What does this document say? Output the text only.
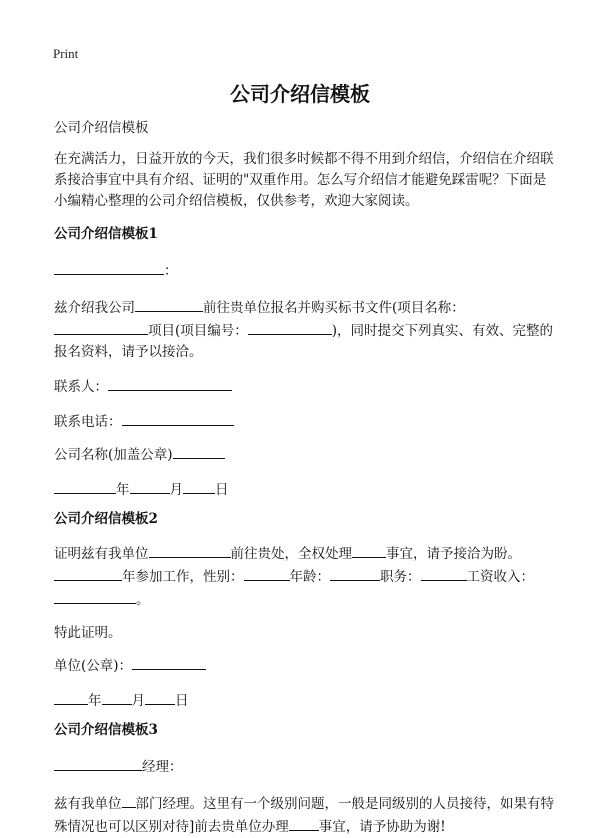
Print
公司介绍信模板

公司介绍信模板

在充满活力，日益开放的今天，我们很多时候都不得不用到介绍信，介绍信在介绍联系接洽事宜中具有介绍、证明的"双重作用。怎么写介绍信才能避免踩雷呢？下面是小编精心整理的公司介绍信模板，仅供参考，欢迎大家阅读。

公司介绍信模板1

：

兹介绍我公司	前往贵单位报名并购买标书文件(项目名称：
项目(项目编号：	)，同时提交下列真实、有效、完整的报名资料，请予以接洽。

联系人：

联系电话：

公司名称(加盖公章)

年	月 日

公司介绍信模板2

证明兹有我单位	前往贵处，全权处理	事宜，请予接洽为盼。
年参加工作，性别：	年龄：	职务：	工资收入：
。

特此证明。

单位(公章)：

年 月 日

公司介绍信模板3

经理：

兹有我单位 部门经理。这里有一个级别问题，一般是同级别的人员接待，如果有特殊情况也可以区别对待]前去贵单位办理 事宜，请予协助为谢!
